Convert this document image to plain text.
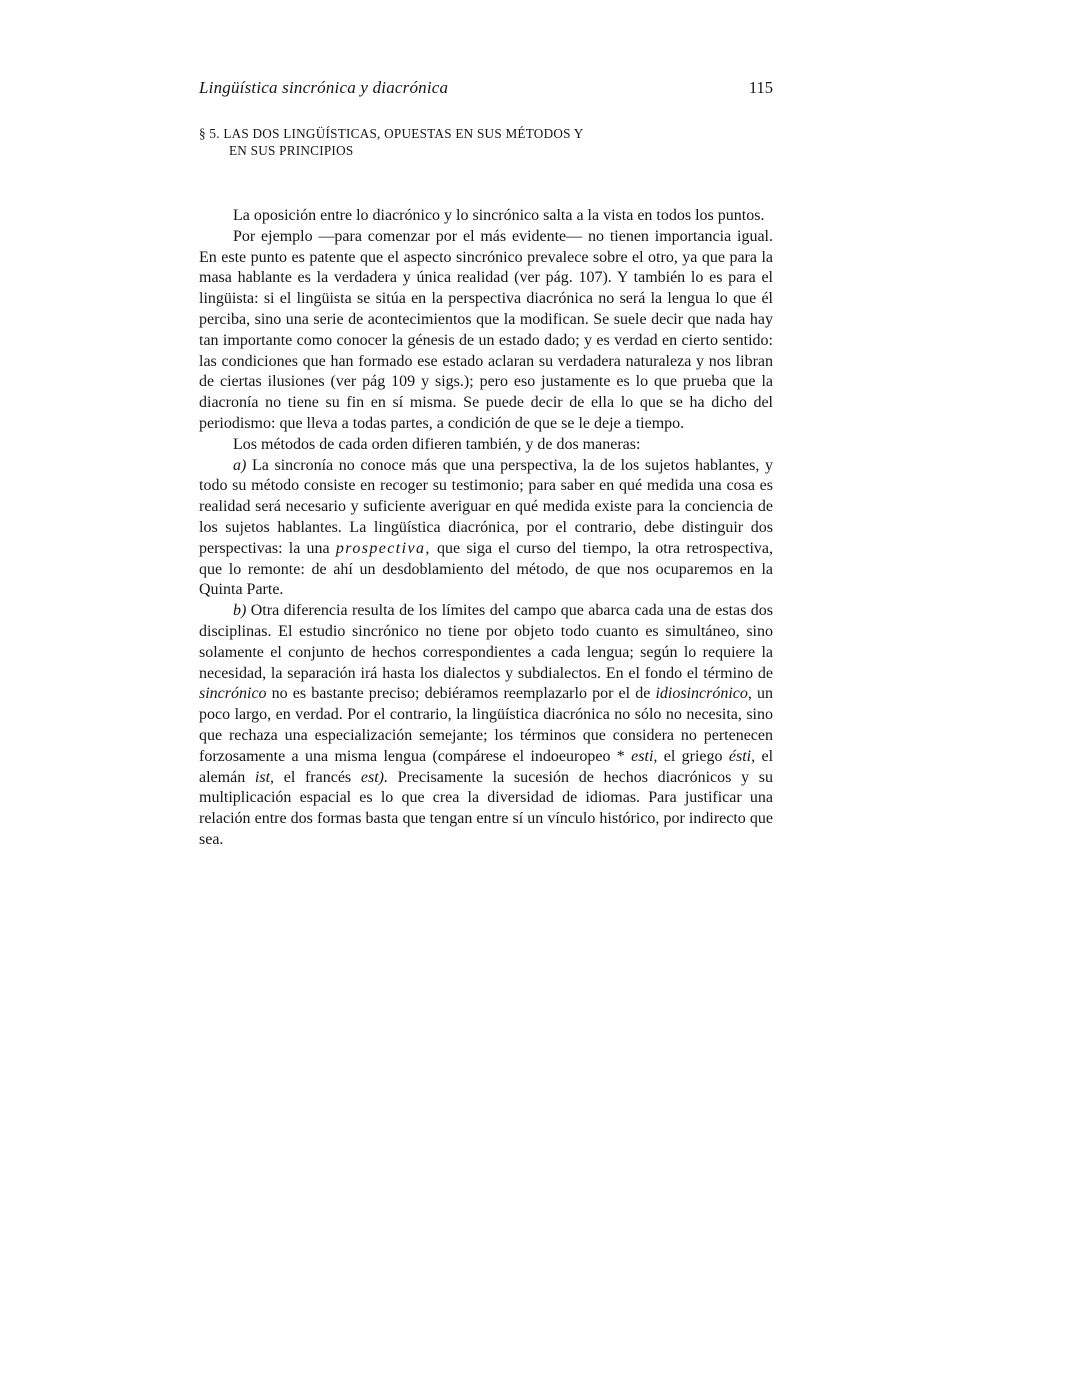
Lingüística sincrónica y diacrónica	115
§ 5. LAS DOS LINGÜÍSTICAS, OPUESTAS EN SUS MÉTODOS Y
EN SUS PRINCIPIOS

La oposición entre lo diacrónico y lo sincrónico salta a la vista en todos los puntos.

Por ejemplo —para comenzar por el más evidente— no tienen importancia igual. En este punto es patente que el aspecto sincrónico prevalece sobre el otro, ya que para la masa hablante es la verdadera y única realidad (ver pág. 107). Y también lo es para el lingüista: si el lingüista se sitúa en la perspectiva diacrónica no será la lengua lo que él perciba, sino una serie de acontecimientos que la modifican. Se suele decir que nada hay tan importante como conocer la génesis de un estado dado; y es verdad en cierto sentido: las condiciones que han formado ese estado aclaran su verdadera naturaleza y nos libran de ciertas ilusiones (ver pág 109 y sigs.); pero eso justamente es lo que prueba que la diacronía no tiene su fin en sí misma. Se puede decir de ella lo que se ha dicho del periodismo: que lleva a todas partes, a condición de que se le deje a tiempo.

Los métodos de cada orden difieren también, y de dos maneras:

a) La sincronía no conoce más que una perspectiva, la de los sujetos hablantes, y todo su método consiste en recoger su testimonio; para saber en qué medida una cosa es realidad será necesario y suficiente averiguar en qué medida existe para la conciencia de los sujetos hablantes. La lingüística diacrónica, por el contrario, debe distinguir dos perspectivas: la una prospectiva, que siga el curso del tiempo, la otra retrospectiva, que lo remonte: de ahí un desdoblamiento del método, de que nos ocuparemos en la Quinta Parte.

b) Otra diferencia resulta de los límites del campo que abarca cada una de estas dos disciplinas. El estudio sincrónico no tiene por objeto todo cuanto es simultáneo, sino solamente el conjunto de hechos correspondientes a cada lengua; según lo requiere la necesidad, la separación irá hasta los dialectos y subdialectos. En el fondo el término de sincrónico no es bastante preciso; debiéramos reemplazarlo por el de idiosincrónico, un poco largo, en verdad. Por el contrario, la lingüística diacrónica no sólo no necesita, sino que rechaza una especialización semejante; los términos que considera no pertenecen forzosamente a una misma lengua (compárese el indoeuropeo * esti, el griego ésti, el alemán ist, el francés est). Precisamente la sucesión de hechos diacrónicos y su multiplicación espacial es lo que crea la diversidad de idiomas. Para justificar una relación entre dos formas basta que tengan entre sí un vínculo histórico, por indirecto que sea.
